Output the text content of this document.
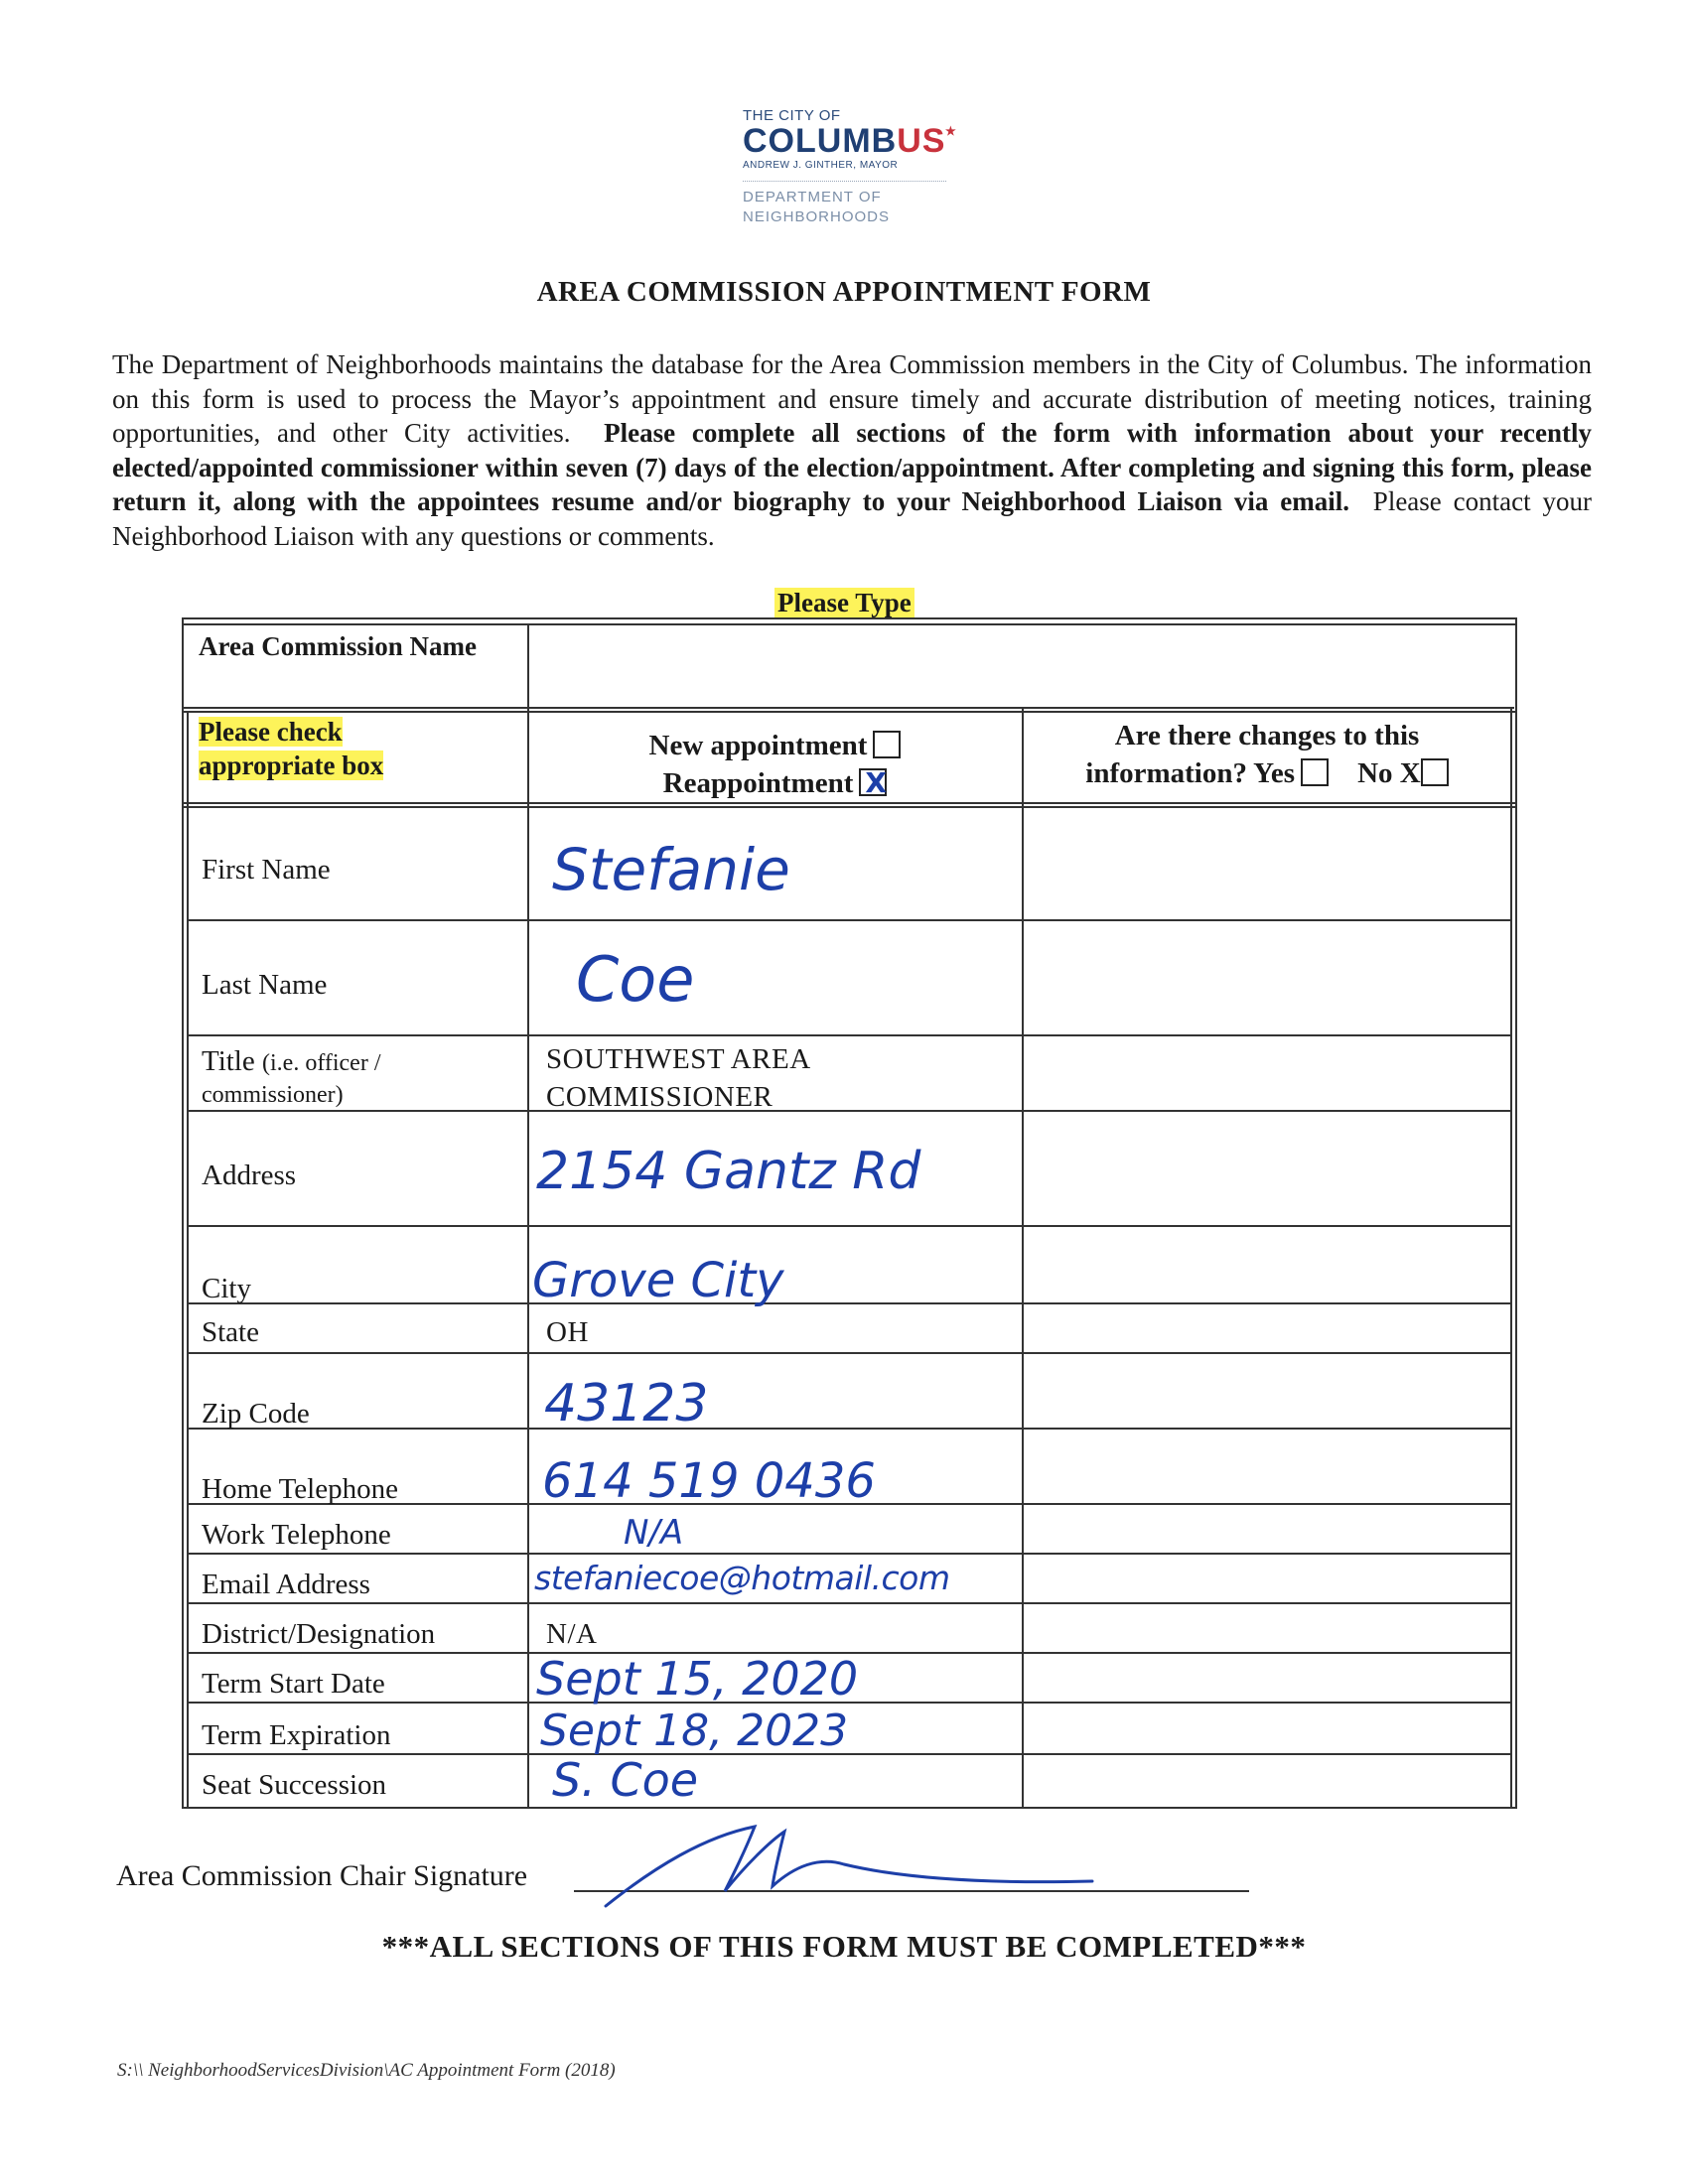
THE CITY OF
COLUMBUS ★
ANDREW J. GINTHER, MAYOR
DEPARTMENT OF
NEIGHBORHOODS
AREA COMMISSION APPOINTMENT FORM
The Department of Neighborhoods maintains the database for the Area Commission members in the City of Columbus. The information on this form is used to process the Mayor’s appointment and ensure timely and accurate distribution of meeting notices, training opportunities, and other City activities. Please complete all sections of the form with information about your recently elected/appointed commissioner within seven (7) days of the election/appointment. After completing and signing this form, please return it, along with the appointees resume and/or biography to your Neighborhood Liaison via email. Please contact your Neighborhood Liaison with any questions or comments.
Please Type
Area Commission Name
Please check
appropriate box
New appointment
ReappointmentX
Are there changes to this
information? Yes No X
First Name
Last Name
Title (i.e. officer /
commissioner)
Address
City
State
Zip Code
Home Telephone
Work Telephone
Email Address
District/Designation
Term Start Date
Term Expiration
Seat Succession
Stefanie
Coe
SOUTHWEST AREA
COMMISSIONER
2154 Gantz Rd
Grove City
OH
43123
614 519 0436
N/A
stefaniecoe@hotmail.com
N/A
Sept 15, 2020
Sept 18, 2023
S. Coe
Area Commission Chair Signature
***ALL SECTIONS OF THIS FORM MUST BE COMPLETED***
S:\\ NeighborhoodServicesDivision\AC Appointment Form (2018)
